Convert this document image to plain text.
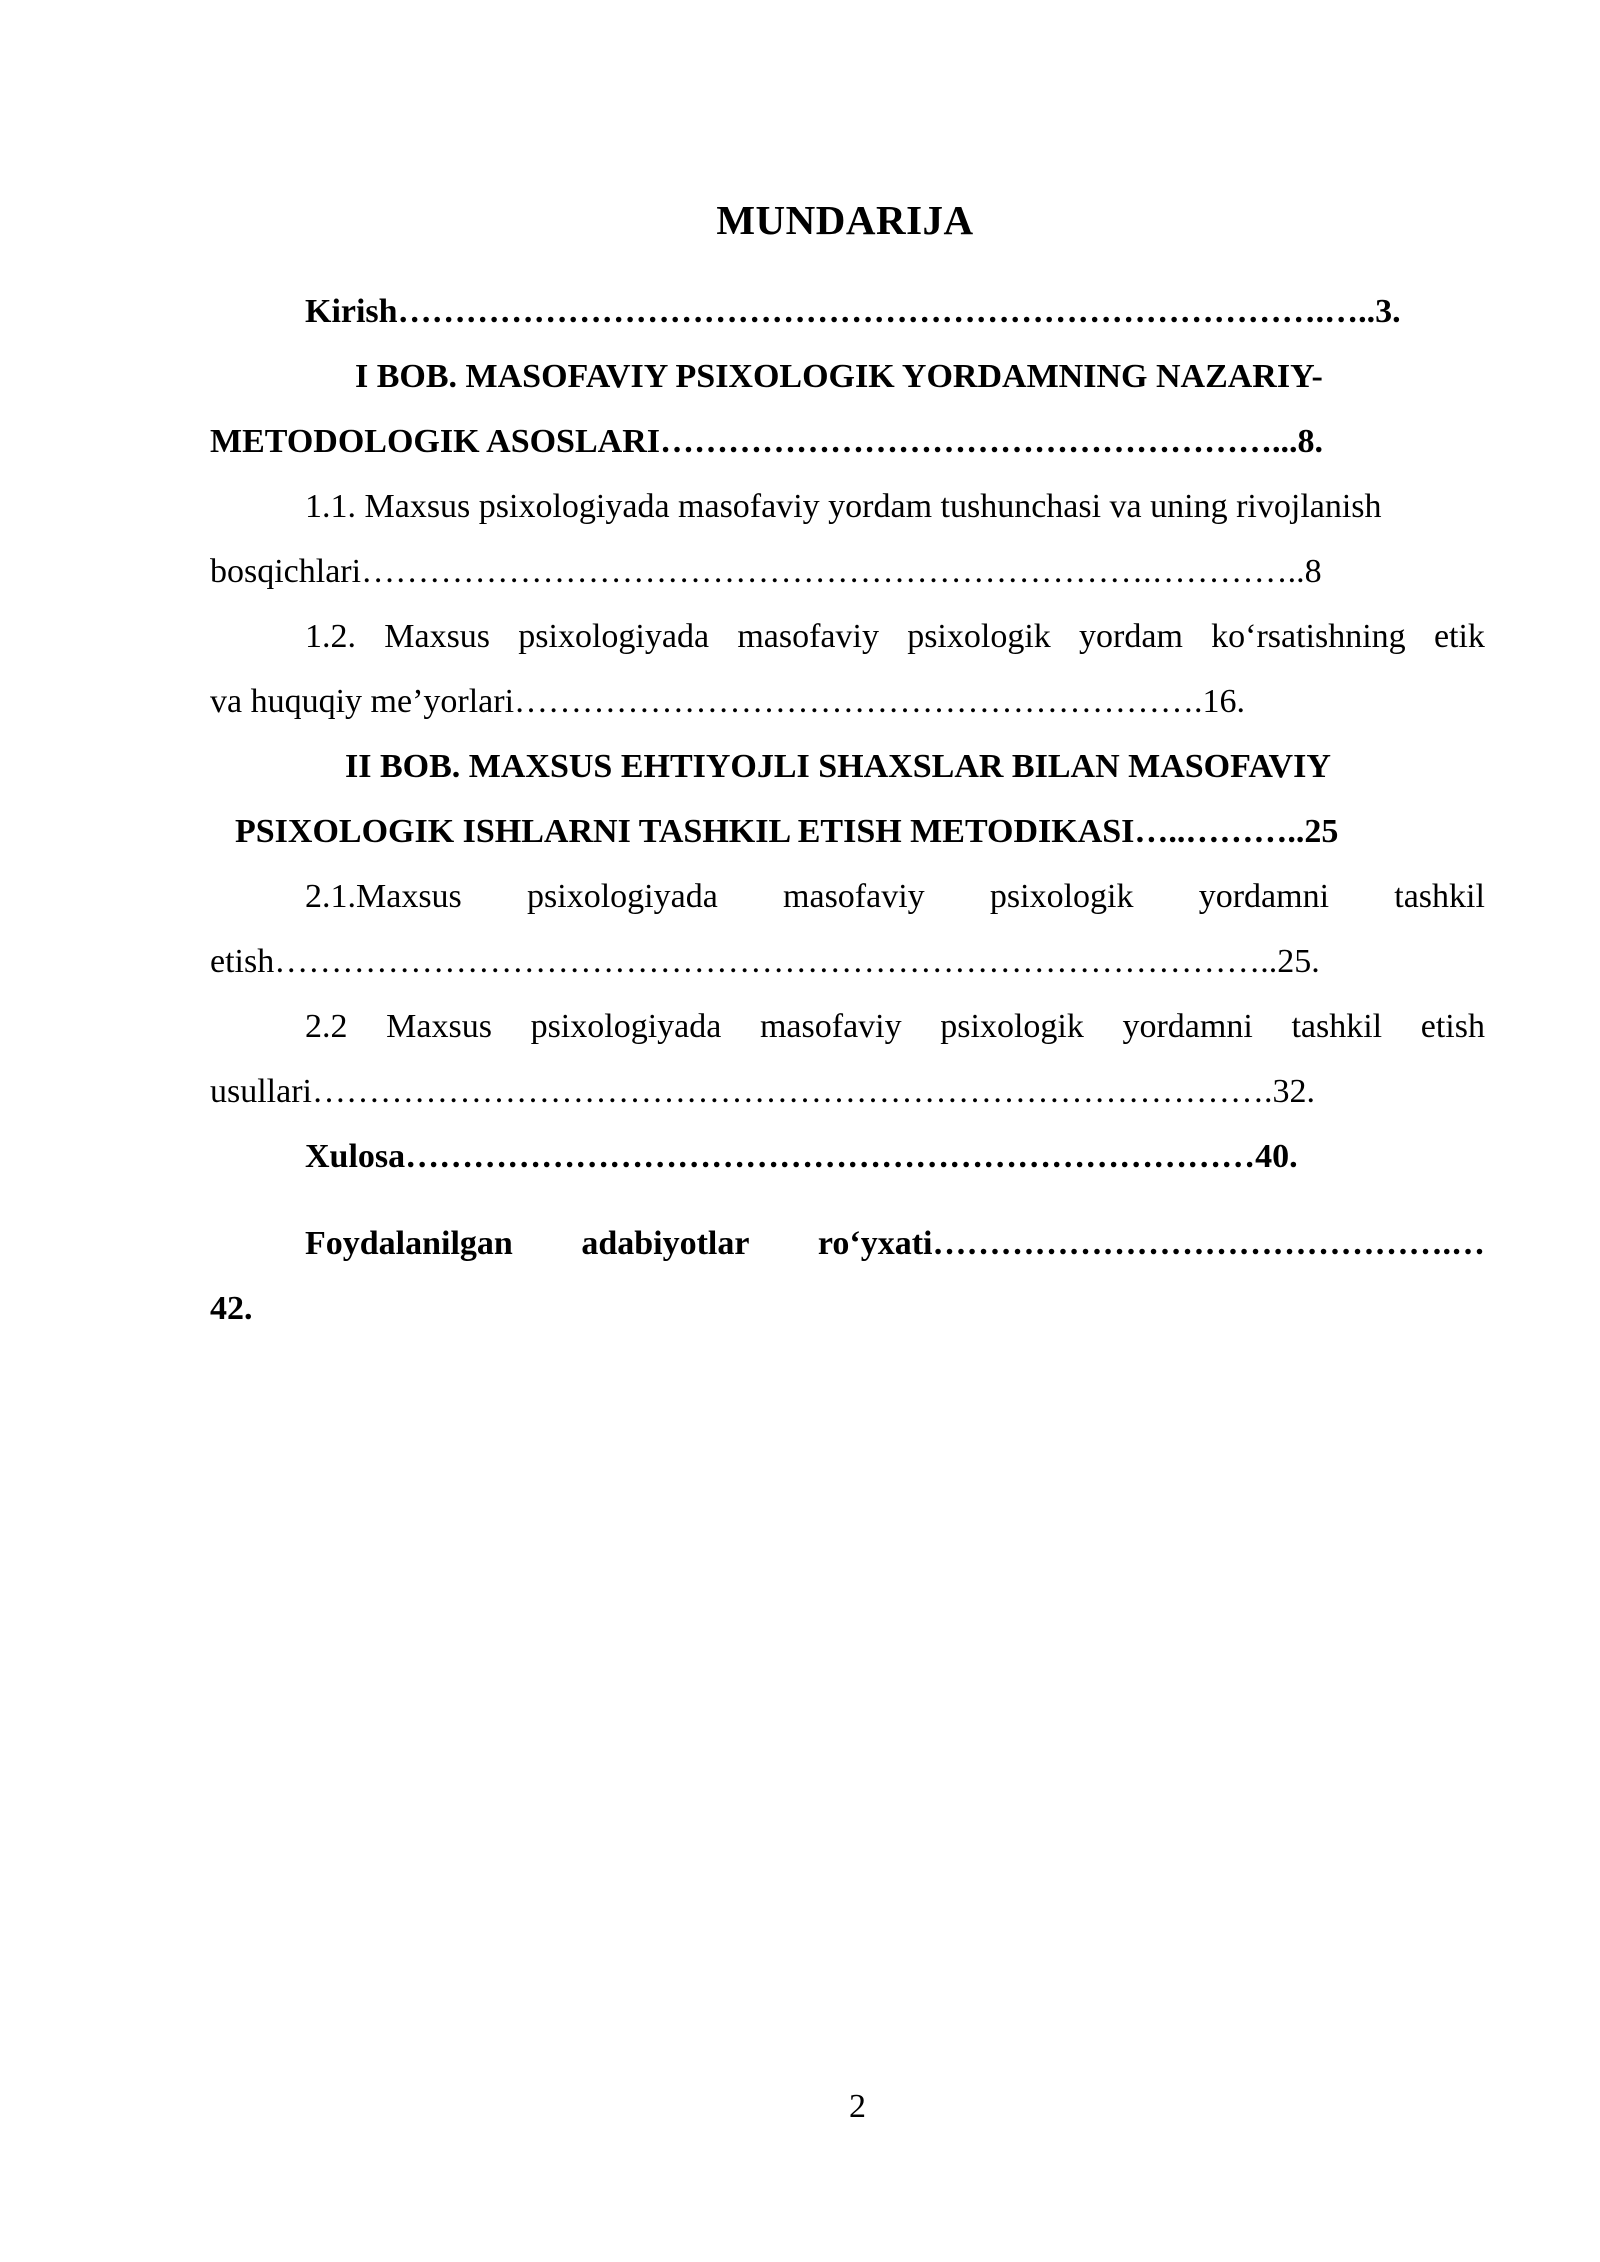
MUNDARIJA

Kirish……………………………………………………………………….…..3.

I BOB. MASOFAVIY PSIXOLOGIK YORDAMNING NAZARIY-

METODOLOGIK ASOSLARI………………………………………………...8.

1.1. Maxsus psixologiyada masofaviy yordam tushunchasi va uning rivojlanish

bosqichlari…………………………………………………………….…………..8

1.2. Maxsus psixologiyada masofaviy psixologik yordam ko‘rsatishning etik

va huquqiy me’yorlari…………………………………………………….16.

II BOB. MAXSUS EHTIYOJLI SHAXSLAR BILAN MASOFAVIY

PSIXOLOGIK ISHLARNI TASHKIL ETISH METODIKASI…..………..25

2.1.Maxsus psixologiyada masofaviy psixologik yordamni tashkil

etish……………………………………………………………………………..25.

2.2 Maxsus psixologiyada masofaviy psixologik yordamni tashkil etish

usullari………………………………………………………………………….32.

Xulosa…………………………………………………………………40.

Foydalanilgan adabiyotlar ro‘yxati……………………………………….…

42.

2
